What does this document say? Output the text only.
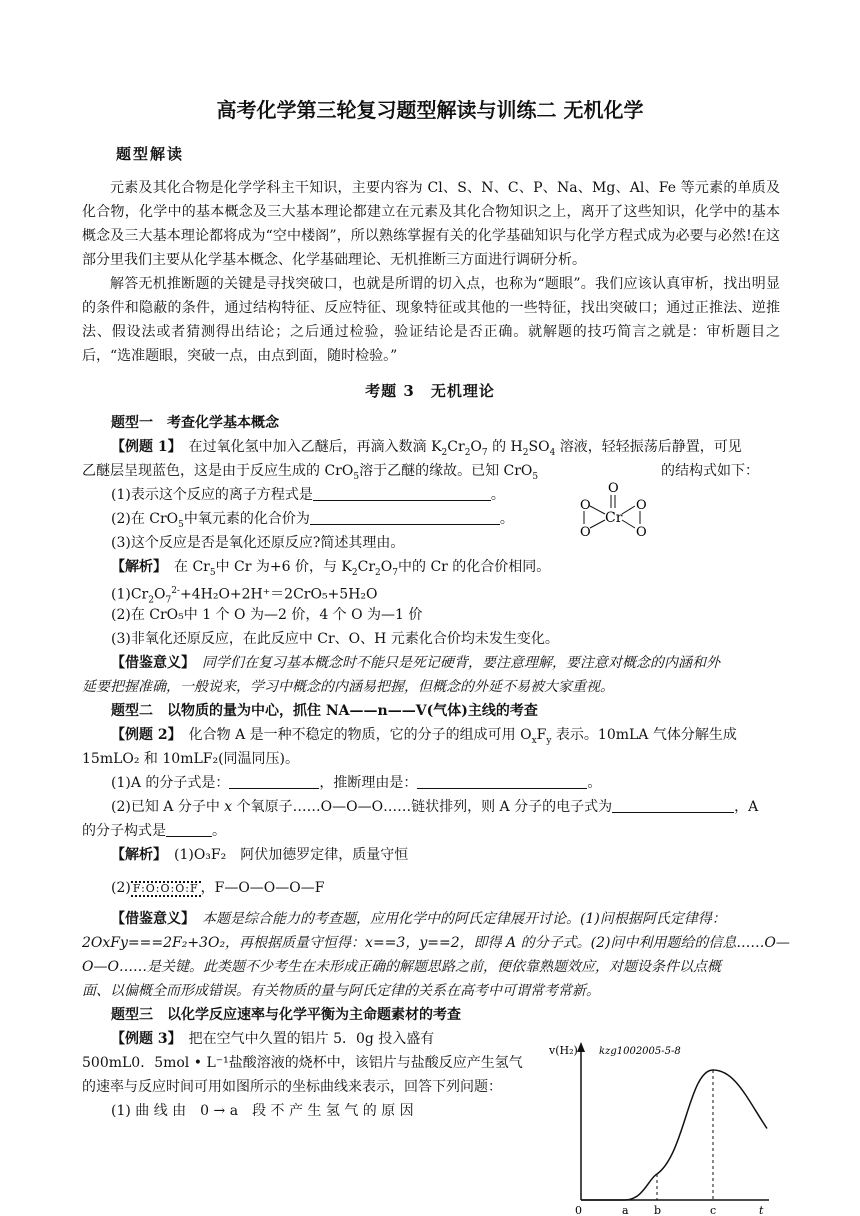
高考化学第三轮复习题型解读与训练二 无机化学
题型解读
元素及其化合物是化学学科主干知识，主要内容为 Cl、S、N、C、P、Na、Mg、Al、Fe 等元素的单质及化合物，化学中的基本概念及三大基本理论都建立在元素及其化合物知识之上，离开了这些知识，化学中的基本概念及三大基本理论都将成为“空中楼阁”，所以熟练掌握有关的化学基础知识与化学方程式成为必要与必然!在这部分里我们主要从化学基本概念、化学基础理论、无机推断三方面进行调研分析。
解答无机推断题的关键是寻找突破口，也就是所谓的切入点，也称为“题眼”。我们应该认真审析，找出明显的条件和隐蔽的条件，通过结构特征、反应特征、现象特征或其他的一些特征，找出突破口；通过正推法、逆推法、假设法或者猜测得出结论；之后通过检验，验证结论是否正确。就解题的技巧简言之就是：审析题目之后，“选准题眼，突破一点，由点到面，随时检验。”
考题 3　无机理论
题型一　考查化学基本概念
【例题 1】　在过氧化氢中加入乙醚后，再滴入数滴 $K_2Cr_2O_7$ 的 $H_2SO_4$ 溶液，轻轻振荡后静置，可见
乙醚层呈现蓝色，这是由于反应生成的 CrO$_5$溶于乙醚的缘故。已知 CrO$_5$	的结构式如下：
(1)表示这个反应的离子方程式是	。
(2)在 CrO$_5$中氧元素的化合价为	。
(3)这个反应是否是氧化还原反应?简述其理由。
O
Cr
O
O
O
O
【解析】　在 $Cr_5$中 Cr 为+6 价，与 $K_2Cr_2O_7$中的 Cr 的化合价相同。
$(1)Cr_2O_7^{2-}+4H_2O+2H^+=2CrO_5+5H_2O$
(2)在 CrO₅中 1 个 O 为—2 价，4 个 O 为—1 价
(3)非氧化还原反应，在此反应中 Cr、O、H 元素化合价均未发生变化。
【借鉴意义】　同学们在复习基本概念时不能只是死记硬背，要注意理解，要注意对概念的内涵和外
延要把握准确，一般说来，学习中概念的内涵易把握，但概念的外延不易被大家重视。
题型二　以物质的量为中心，抓住 NA——n——V(气体)主线的考查
【例题 2】　化合物 A 是一种不稳定的物质，它的分子的组成可用 $O_xF_y$ 表示。10mLA 气体分解生成
15mLO₂ 和 10mLF₂(同温同压)。
(1)A 的分子式是：	，推断理由是：	。
(2)已知 A 分子中 x 个氧原子……O—O—O……链状排列，则 A 分子的电子式为	，A
的分子构式是	。
【解析】　(1)O₃F₂　阿伏加德罗定律，质量守恒
(2) F:O:O:O:F ，F—O—O—O—F
【借鉴意义】　本题是综合能力的考查题，应用化学中的阿氏定律展开讨论。(1)问根据阿氏定律得：
2OxFy===2F₂+3O₂，再根据质量守恒得：x==3，y==2，即得 A 的分子式。(2)问中利用题给的信息……O—
O—O……是关键。此类题不少考生在未形成正确的解题思路之前，便依靠熟题效应，对题设条件以点概
面、以偏概全而形成错误。有关物质的量与阿氏定律的关系在高考中可谓常考常新。
题型三　以化学反应速率与化学平衡为主命题素材的考查
【例题 3】　把在空气中久置的铝片 5．0g 投入盛有
500mL0．5mol • L⁻¹盐酸溶液的烧杯中，该铝片与盐酸反应产生氢气
的速率与反应时间可用如图所示的坐标曲线来表示，回答下列问题：
(1) 曲 线 由　0 → a　段 不 产 生 氢 气 的 原 因
v(H₂) kzg1002005-5-8
t
0	a b	c
